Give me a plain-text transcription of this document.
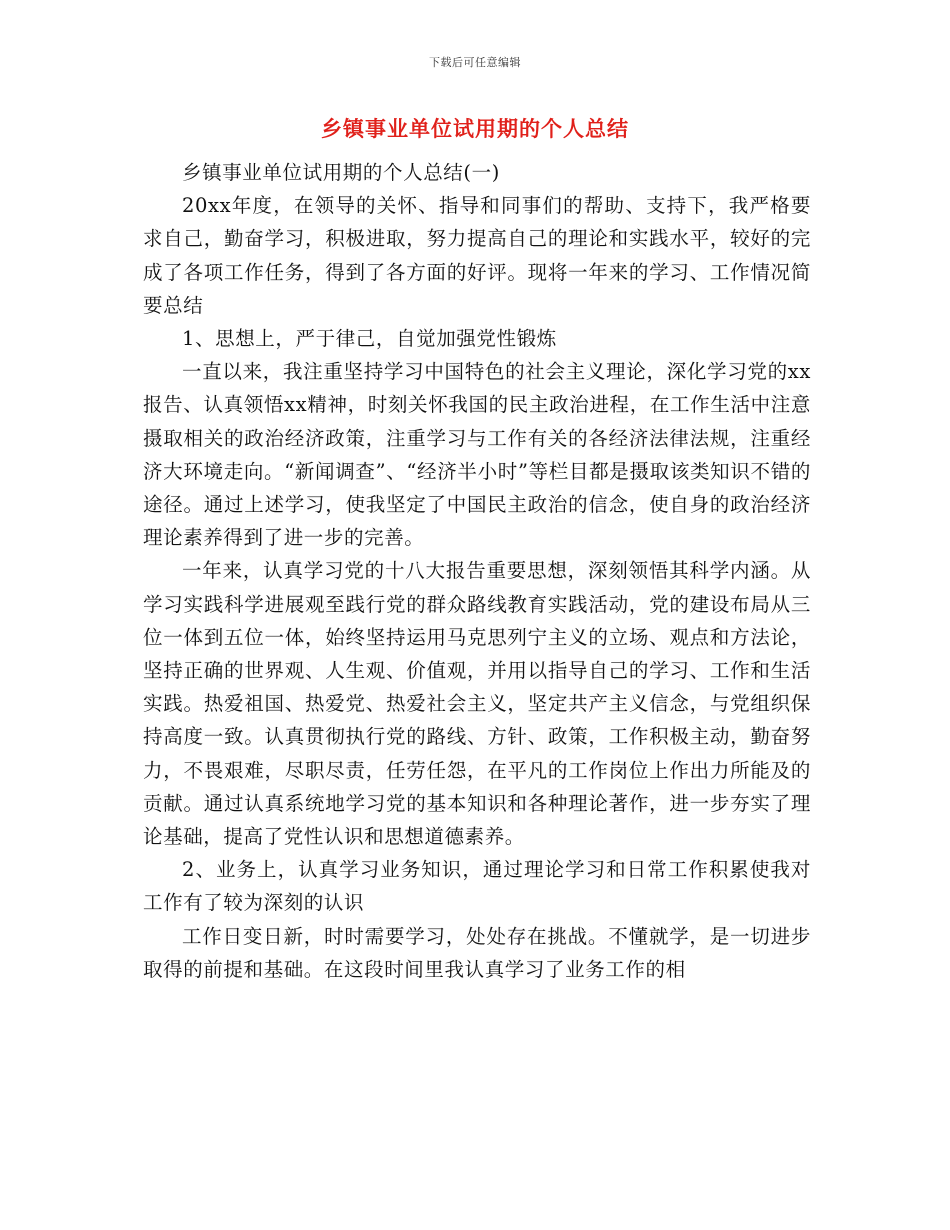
下载后可任意编辑
乡镇事业单位试用期的个人总结

乡镇事业单位试用期的个人总结(一)

20xx年度，在领导的关怀、指导和同事们的帮助、支持下，我严格要求自己，勤奋学习，积极进取，努力提高自己的理论和实践水平，较好的完成了各项工作任务，得到了各方面的好评。现将一年来的学习、工作情况简要总结

1、思想上，严于律己，自觉加强党性锻炼

一直以来，我注重坚持学习中国特色的社会主义理论，深化学习党的xx报告、认真领悟xx精神，时刻关怀我国的民主政治进程，在工作生活中注意摄取相关的政治经济政策，注重学习与工作有关的各经济法律法规，注重经济大环境走向。“新闻调查”、“经济半小时”等栏目都是摄取该类知识不错的途径。通过上述学习，使我坚定了中国民主政治的信念，使自身的政治经济理论素养得到了进一步的完善。

一年来，认真学习党的十八大报告重要思想，深刻领悟其科学内涵。从学习实践科学进展观至践行党的群众路线教育实践活动，党的建设布局从三位一体到五位一体，始终坚持运用马克思列宁主义的立场、观点和方法论，坚持正确的世界观、人生观、价值观，并用以指导自己的学习、工作和生活实践。热爱祖国、热爱党、热爱社会主义，坚定共产主义信念，与党组织保持高度一致。认真贯彻执行党的路线、方针、政策，工作积极主动，勤奋努力，不畏艰难，尽职尽责，任劳任怨，在平凡的工作岗位上作出力所能及的贡献。通过认真系统地学习党的基本知识和各种理论著作，进一步夯实了理论基础，提高了党性认识和思想道德素养。

2、业务上，认真学习业务知识，通过理论学习和日常工作积累使我对工作有了较为深刻的认识

工作日变日新，时时需要学习，处处存在挑战。不懂就学，是一切进步取得的前提和基础。在这段时间里我认真学习了业务工作的相
